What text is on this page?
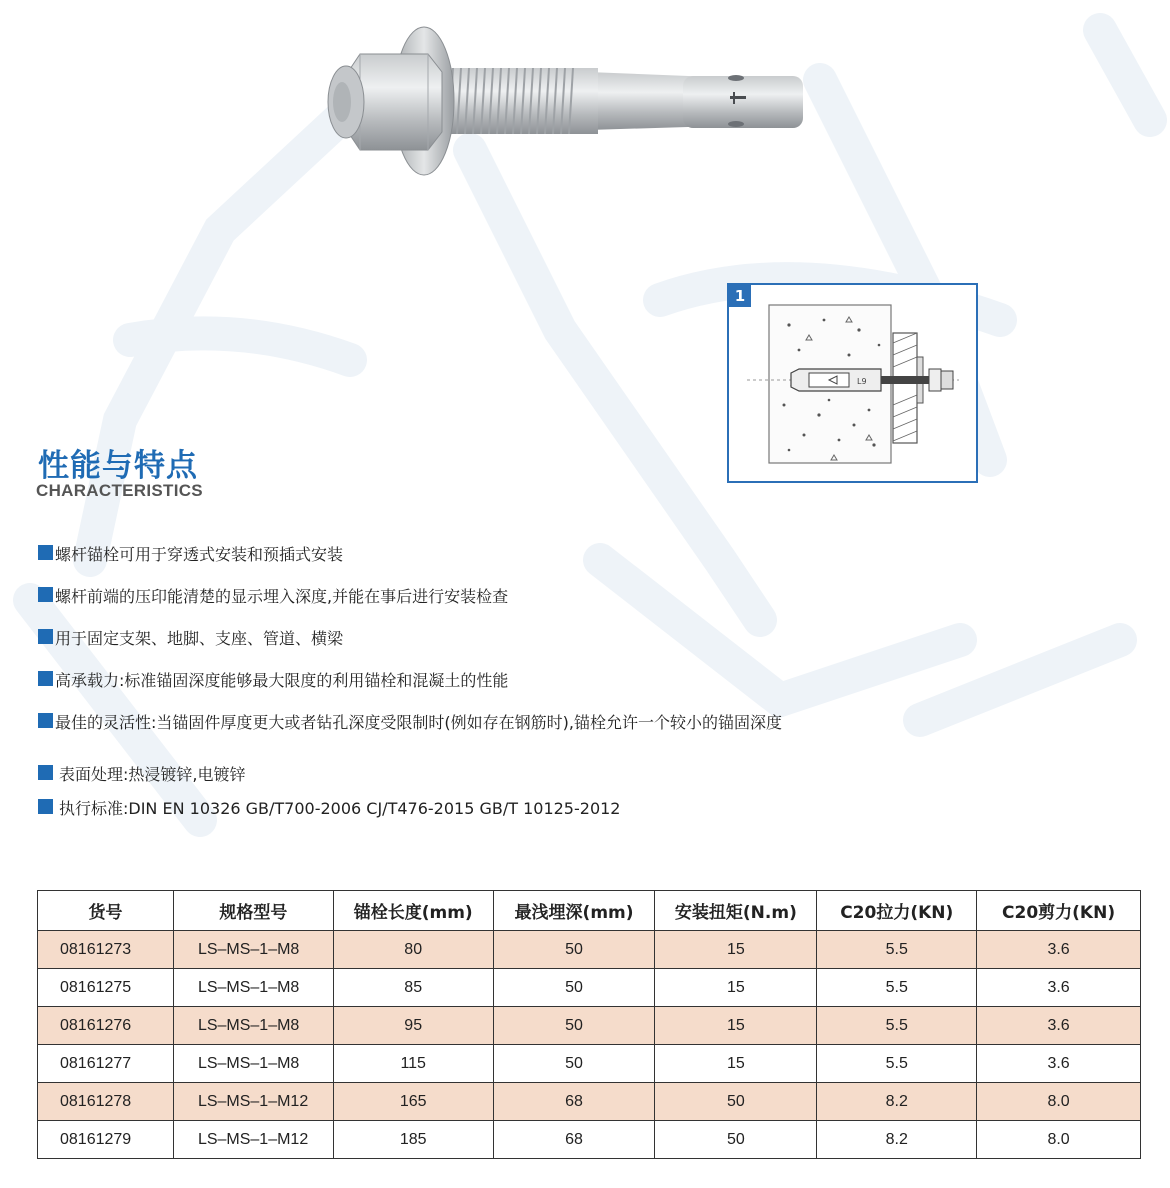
L9
1
性能与特点
CHARACTERISTICS
螺杆锚栓可用于穿透式安装和预插式安装
螺杆前端的压印能清楚的显示埋入深度,并能在事后进行安装检查
用于固定支架、地脚、支座、管道、横梁
高承载力:标准锚固深度能够最大限度的利用锚栓和混凝土的性能
最佳的灵活性:当锚固件厚度更大或者钻孔深度受限制时(例如存在钢筋时),锚栓允许一个较小的锚固深度
表面处理:热浸镀锌,电镀锌
执行标准:DIN EN 10326 GB/T700-2006 CJ/T476-2015 GB/T 10125-2012
货号	规格型号	锚栓长度(mm)	最浅埋深(mm)	安装扭矩(N.m)	C20拉力(KN)	C20剪力(KN)
08161273	LS–MS–1–M8	80	50	15	5.5	3.6
08161275	LS–MS–1–M8	85	50	15	5.5	3.6
08161276	LS–MS–1–M8	95	50	15	5.5	3.6
08161277	LS–MS–1–M8	115	50	15	5.5	3.6
08161278	LS–MS–1–M12	165	68	50	8.2	8.0
08161279	LS–MS–1–M12	185	68	50	8.2	8.0
